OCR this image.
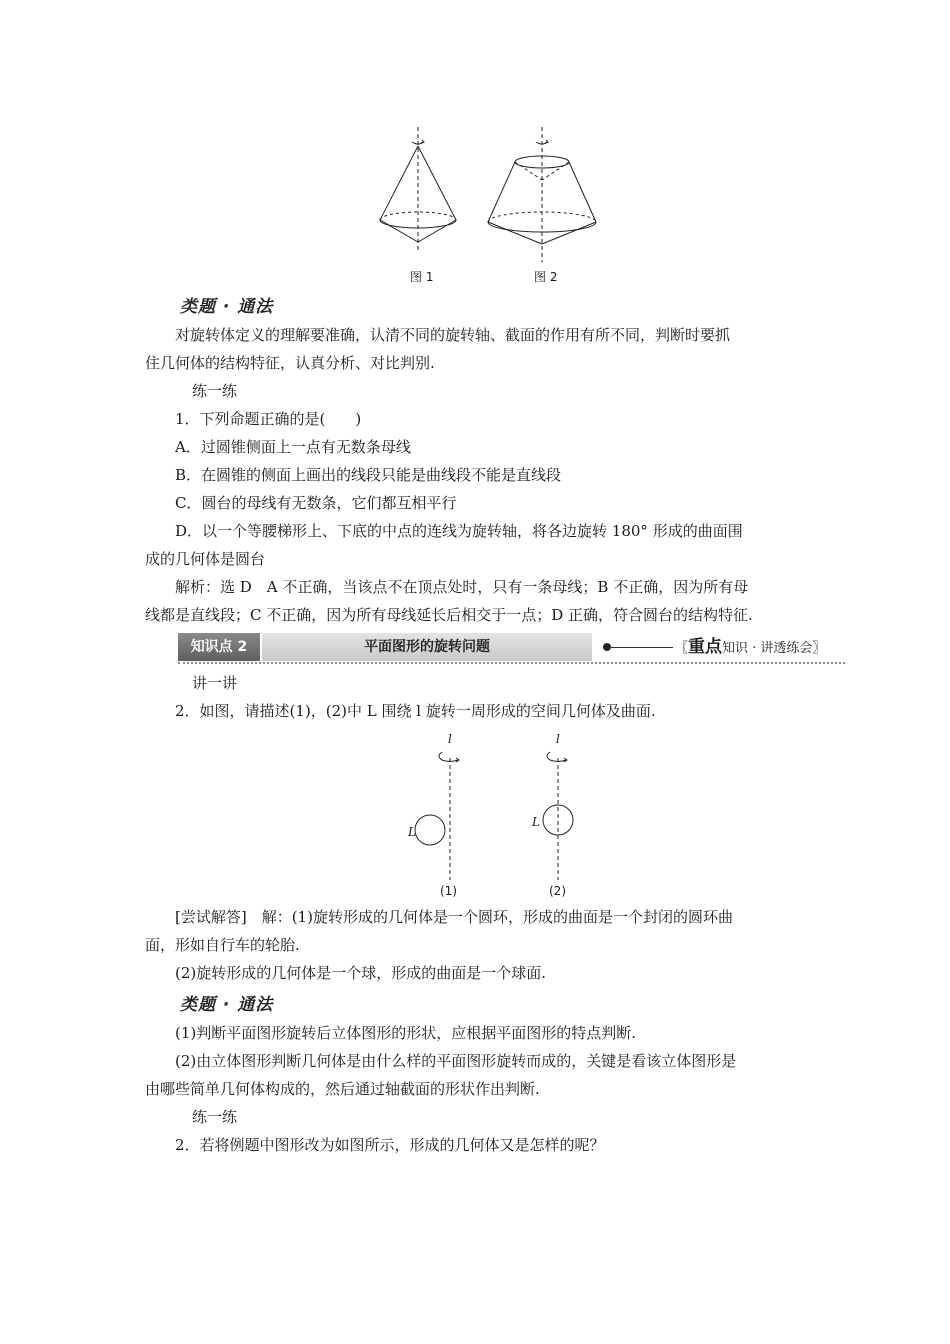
图 1	图 2
类题 · 通法
对旋转体定义的理解要准确，认清不同的旋转轴、截面的作用有所不同，判断时要抓
住几何体的结构特征，认真分析、对比判别.
练一练
1．下列命题正确的是(　　)
A．过圆锥侧面上一点有无数条母线
B．在圆锥的侧面上画出的线段只能是曲线段不能是直线段
C．圆台的母线有无数条，它们都互相平行
D．以一个等腰梯形上、下底的中点的连线为旋转轴，将各边旋转 180° 形成的曲面围
成的几何体是圆台
解析：选 D　A 不正确，当该点不在顶点处时，只有一条母线；B 不正确，因为所有母
线都是直线段；C 不正确，因为所有母线延长后相交于一点；D 正确，符合圆台的结构特征.
知识点 2	平面图形的旋转问题	〖重点知识 · 讲透练会〗
讲一讲
2．如图，请描述(1)，(2)中 L 围绕 l 旋转一周形成的空间几何体及曲面.
l	l
L
L
(1)	(2)
[尝试解答]　解：(1)旋转形成的几何体是一个圆环，形成的曲面是一个封闭的圆环曲
面，形如自行车的轮胎.
(2)旋转形成的几何体是一个球，形成的曲面是一个球面.
类题 · 通法
(1)判断平面图形旋转后立体图形的形状，应根据平面图形的特点判断.
(2)由立体图形判断几何体是由什么样的平面图形旋转而成的，关键是看该立体图形是
由哪些简单几何体构成的，然后通过轴截面的形状作出判断.
练一练
2．若将例题中图形改为如图所示，形成的几何体又是怎样的呢？
